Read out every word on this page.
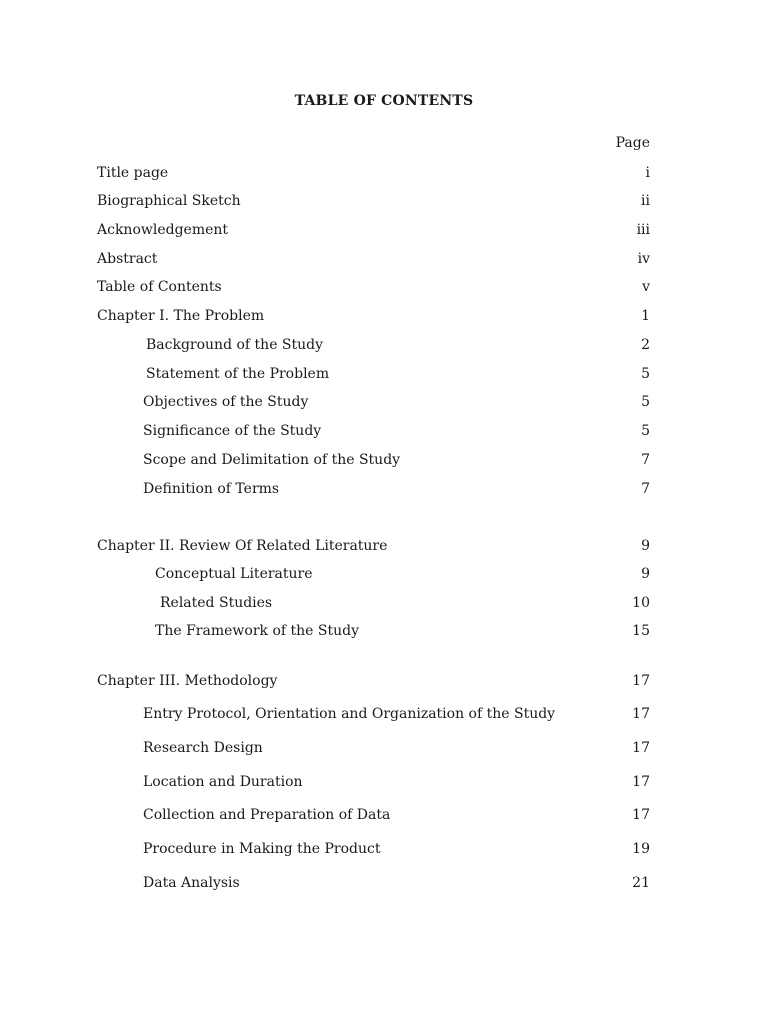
TABLE OF CONTENTS
Page
Title page	i
Biographical Sketch	ii
Acknowledgement	iii
Abstract	iv
Table of Contents	v
Chapter I. The Problem	1
Background of the Study	2
Statement of the Problem	5
Objectives of the Study	5
Significance of the Study	5
Scope and Delimitation of the Study	7
Definition of Terms	7
Chapter II. Review Of Related Literature	9
Conceptual Literature	9
Related Studies	10
The Framework of the Study	15
Chapter III. Methodology	17
Entry Protocol, Orientation and Organization of the Study	17
Research Design	17
Location and Duration	17
Collection and Preparation of Data	17
Procedure in Making the Product	19
Data Analysis	21
